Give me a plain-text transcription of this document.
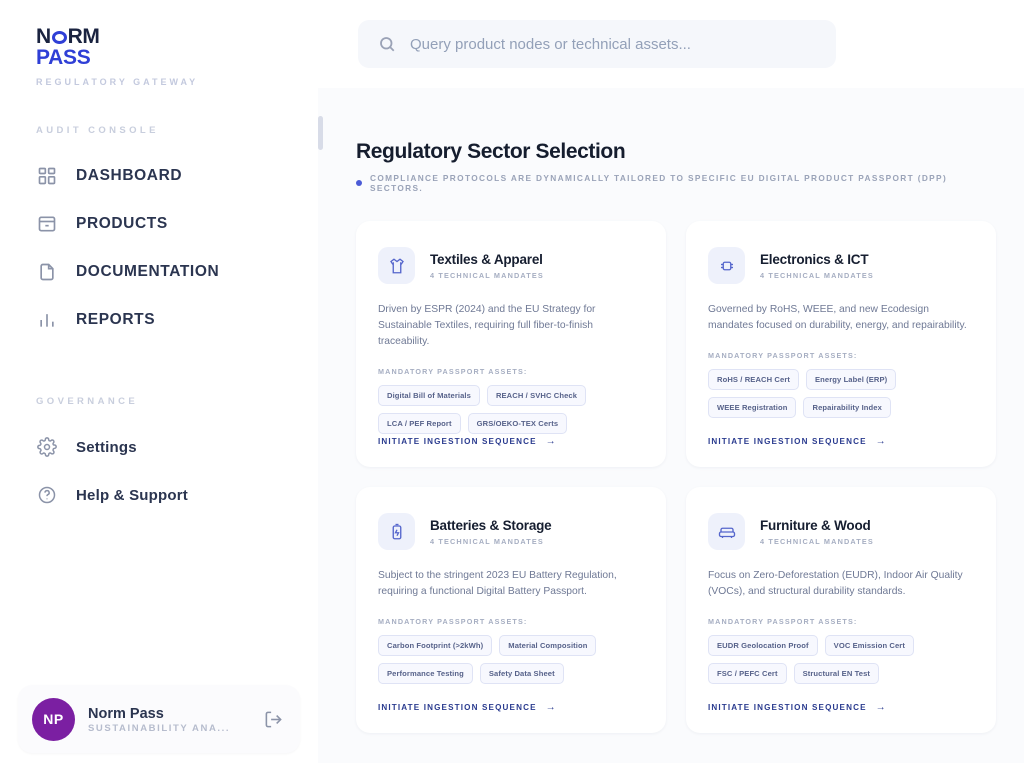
N RM
PASS
REGULATORY GATEWAY
AUDIT CONSOLE
DASHBOARD
PRODUCTS
DOCUMENTATION
REPORTS
GOVERNANCE
Settings
Help & Support
NP	Norm Pass
SUSTAINABILITY ANA...
Query product nodes or technical assets...
Regulatory Sector Selection
COMPLIANCE PROTOCOLS ARE DYNAMICALLY TAILORED TO SPECIFIC EU DIGITAL PRODUCT PASSPORT (DPP) SECTORS.
Textiles & Apparel
4 TECHNICAL MANDATES
Driven by ESPR (2024) and the EU Strategy for Sustainable Textiles, requiring full fiber-to-finish traceability.
MANDATORY PASSPORT ASSETS:
Digital Bill of Materials	REACH / SVHC Check
LCA / PEF Report	GRS/OEKO-TEX Certs
INITIATE INGESTION SEQUENCE →
Electronics & ICT
4 TECHNICAL MANDATES
Governed by RoHS, WEEE, and new Ecodesign mandates focused on durability, energy, and repairability.
MANDATORY PASSPORT ASSETS:
RoHS / REACH Cert	Energy Label (ERP)
WEEE Registration	Repairability Index
INITIATE INGESTION SEQUENCE →
Batteries & Storage
4 TECHNICAL MANDATES
Subject to the stringent 2023 EU Battery Regulation, requiring a functional Digital Battery Passport.
MANDATORY PASSPORT ASSETS:
Carbon Footprint (>2kWh)	Material Composition
Performance Testing	Safety Data Sheet
INITIATE INGESTION SEQUENCE →
Furniture & Wood
4 TECHNICAL MANDATES
Focus on Zero-Deforestation (EUDR), Indoor Air Quality (VOCs), and structural durability standards.
MANDATORY PASSPORT ASSETS:
EUDR Geolocation Proof	VOC Emission Cert
FSC / PEFC Cert	Structural EN Test
INITIATE INGESTION SEQUENCE →
